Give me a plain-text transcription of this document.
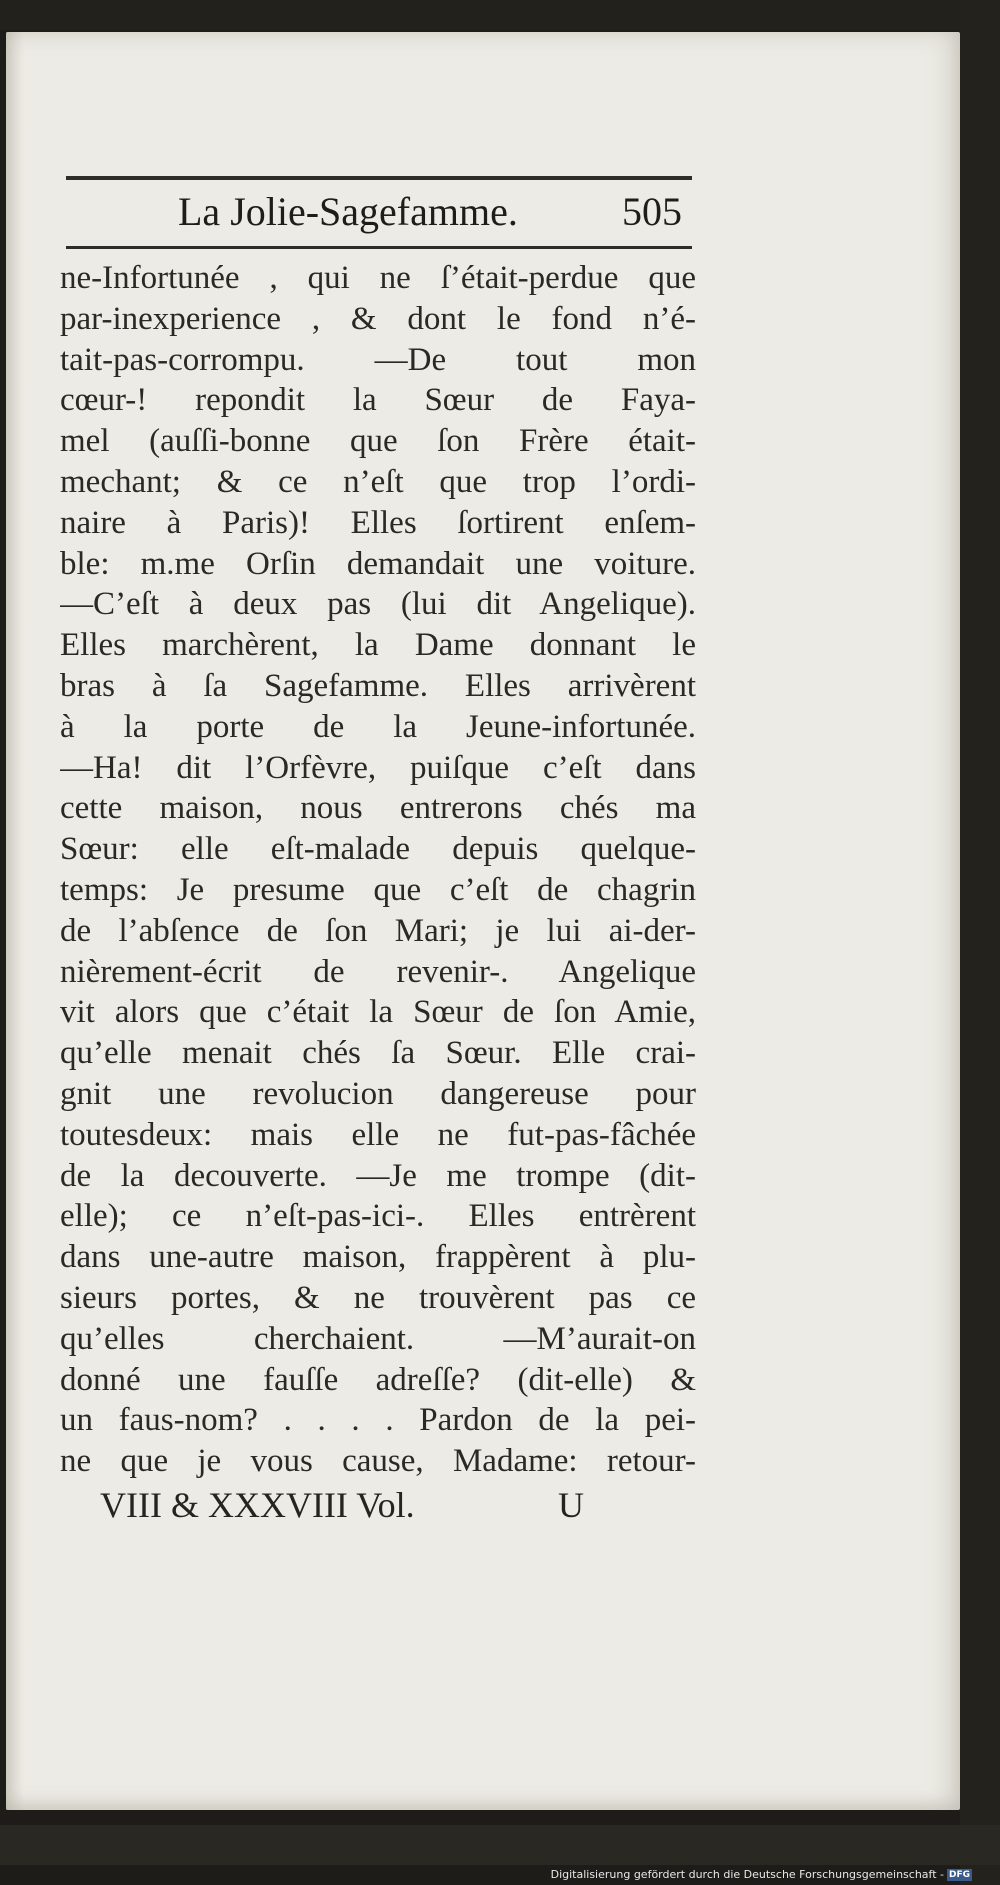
La Jolie-Sagefamme.	505
ne-Infortunée , qui ne ſ’était-perdue que
par-inexperience , & dont le fond n’é-
tait-pas-corrompu. —De tout mon
cœur-! repondit la Sœur de Faya-
mel (auſſi-bonne que ſon Frère était-
mechant; & ce n’eſt que trop l’ordi-
naire à Paris)! Elles ſortirent enſem-
ble: m.me Orſin demandait une voiture.
—C’eſt à deux pas (lui dit Angelique).
Elles marchèrent, la Dame donnant le
bras à ſa Sagefamme. Elles arrivèrent
à la porte de la Jeune-infortunée.
—Ha! dit l’Orfèvre, puiſque c’eſt dans
cette maison, nous entrerons chés ma
Sœur: elle eſt-malade depuis quelque-
temps: Je presume que c’eſt de chagrin
de l’abſence de ſon Mari; je lui ai-der-
nièrement-écrit de revenir-. Angelique
vit alors que c’était la Sœur de ſon Amie,
qu’elle menait chés ſa Sœur. Elle crai-
gnit une revolucion dangereuse pour
toutesdeux: mais elle ne fut-pas-fâchée
de la decouverte. —Je me trompe (dit-
elle); ce n’eſt-pas-ici-. Elles entrèrent
dans une-autre maison, frappèrent à plu-
sieurs portes, & ne trouvèrent pas ce
qu’elles cherchaient. —M’aurait-on
donné une fauſſe adreſſe? (dit-elle) &
un faus-nom? . . . . Pardon de la pei-
ne que je vous cause, Madame: retour-
VIII & XXXVIII Vol.	U
Digitalisierung gefördert durch die Deutsche Forschungsgemeinschaft - DFG
